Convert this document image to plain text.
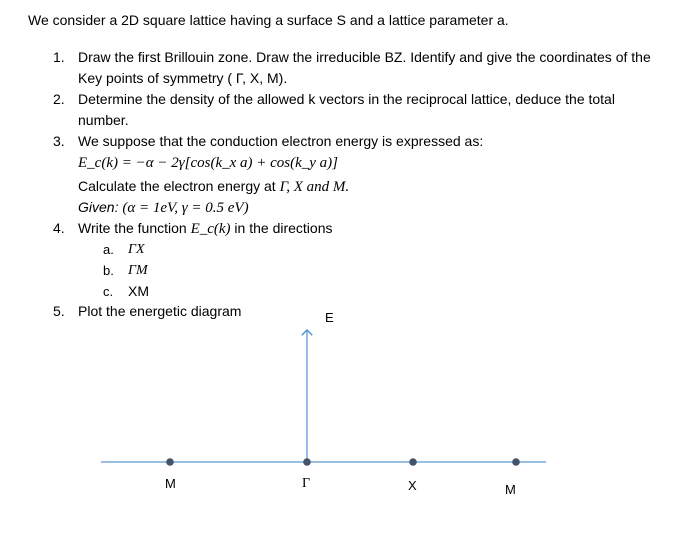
We consider a 2D square lattice having a surface S and a lattice parameter a.
1. Draw the first Brillouin zone. Draw the irreducible BZ. Identify and give the coordinates of the
Key points of symmetry ( Γ, X, M).
2. Determine the density of the allowed k vectors in the reciprocal lattice, deduce the total
number.
3. We suppose that the conduction electron energy is expressed as:
E_c(k) = −α − 2γ[cos(k_x a) + cos(k_y a)]
Calculate the electron energy at Γ, X and M.
Given: (α = 1eV, γ = 0.5 eV)
4. Write the function E_c(k) in the directions
a. ΓX
b. ΓM
c. XM
5. Plot the energetic diagram	E
M	Γ	X	M
